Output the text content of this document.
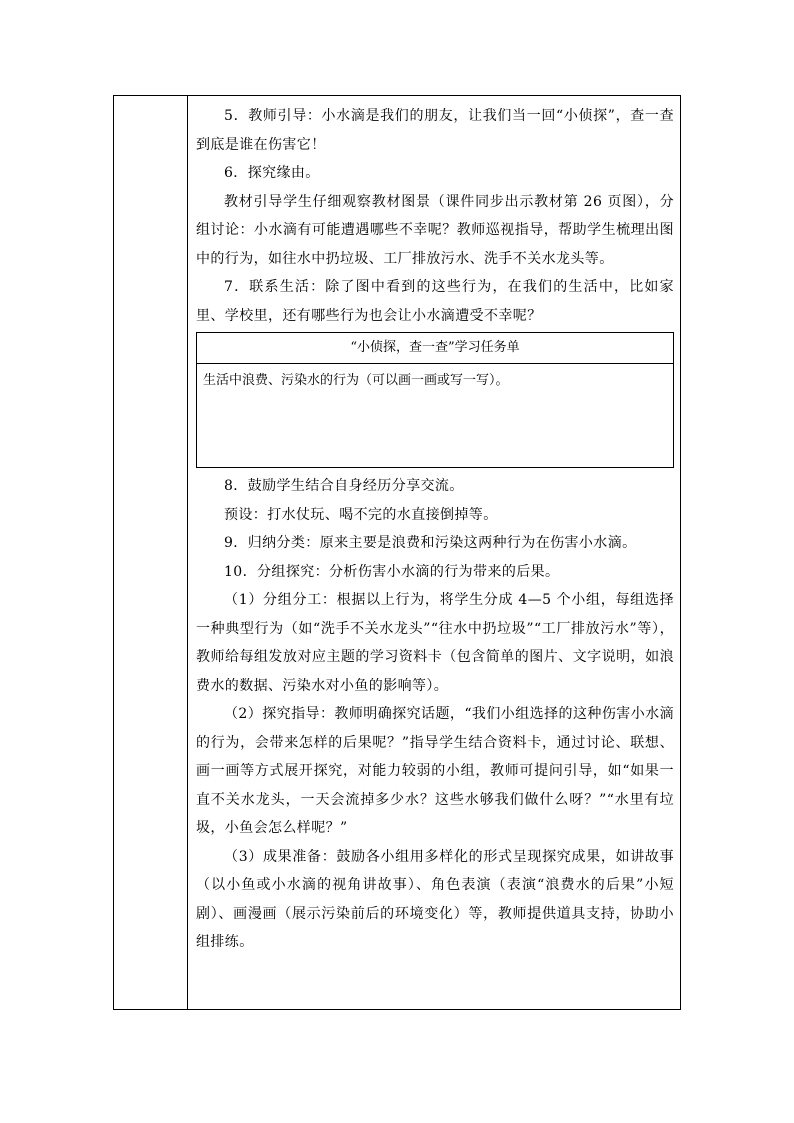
5．教师引导：小水滴是我们的朋友，让我们当一回“小侦探”，查一查到底是谁在伤害它！

6．探究缘由。

教材引导学生仔细观察教材图景（课件同步出示教材第 26 页图），分组讨论：小水滴有可能遭遇哪些不幸呢？教师巡视指导，帮助学生梳理出图中的行为，如往水中扔垃圾、工厂排放污水、洗手不关水龙头等。

7．联系生活：除了图中看到的这些行为，在我们的生活中，比如家里、学校里，还有哪些行为也会让小水滴遭受不幸呢？

“小侦探，查一查”学习任务单
生活中浪费、污染水的行为（可以画一画或写一写）。

8．鼓励学生结合自身经历分享交流。

预设：打水仗玩、喝不完的水直接倒掉等。

9．归纳分类：原来主要是浪费和污染这两种行为在伤害小水滴。

10．分组探究：分析伤害小水滴的行为带来的后果。

（1）分组分工：根据以上行为，将学生分成 4—5 个小组，每组选择一种典型行为（如“洗手不关水龙头”“往水中扔垃圾”“工厂排放污水”等），教师给每组发放对应主题的学习资料卡（包含简单的图片、文字说明，如浪费水的数据、污染水对小鱼的影响等）。

（2）探究指导：教师明确探究话题，“我们小组选择的这种伤害小水滴的行为，会带来怎样的后果呢？”指导学生结合资料卡，通过讨论、联想、画一画等方式展开探究，对能力较弱的小组，教师可提问引导，如“如果一直不关水龙头，一天会流掉多少水？这些水够我们做什么呀？”“水里有垃圾，小鱼会怎么样呢？”

（3）成果准备：鼓励各小组用多样化的形式呈现探究成果，如讲故事（以小鱼或小水滴的视角讲故事）、角色表演（表演“浪费水的后果”小短剧）、画漫画（展示污染前后的环境变化）等，教师提供道具支持，协助小组排练。
